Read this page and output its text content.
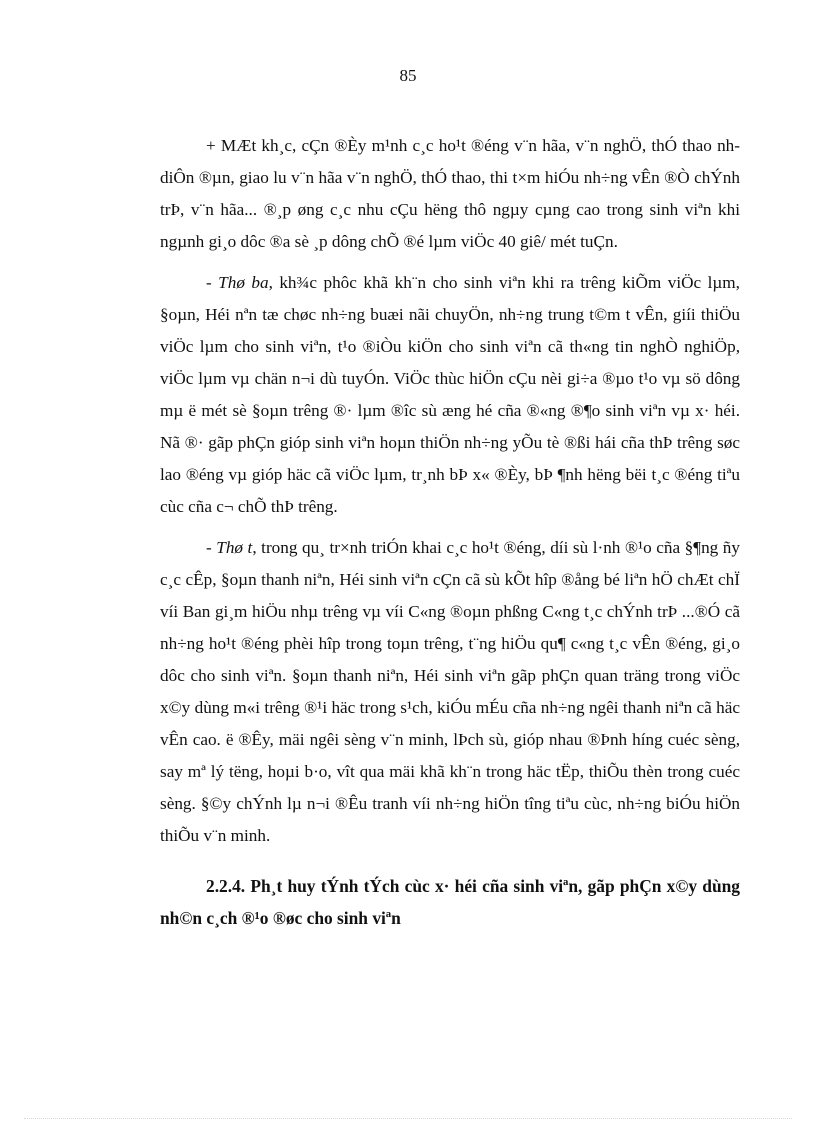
85

+ MÆt kh¸c, cÇn ®Èy m¹nh c¸c ho¹t ®éng v¨n hãa, v¨n nghÖ, thÓ thao nh diÔn ®µn, giao lu v¨n hãa v¨n nghÖ, thÓ thao, thi t×m hiÓu nh÷ng vÊn ®Ò chÝnh trÞ, v¨n hãa... ®¸p øng c¸c nhu cÇu hëng thô ngµy cµng cao trong sinh viªn khi ngµnh gi¸o dôc ®a sè ¸p dông chÕ ®é lµm viÖc 40 giê/ mét tuÇn.

- Thø ba, kh¾c phôc khã kh¨n cho sinh viªn khi ra trêng kiÕm viÖc lµm, §oµn, Héi nªn tæ chøc nh÷ng buæi nãi chuyÖn, nh÷ng trung t©m t vÊn, giíi thiÖu viÖc lµm cho sinh viªn, t¹o ®iÒu kiÖn cho sinh viªn cã th«ng tin nghÒ nghiÖp, viÖc lµm vµ chän n¬i dù tuyÓn. ViÖc thùc hiÖn cÇu nèi gi÷a ®µo t¹o vµ sö dông mµ ë mét sè §oµn trêng ®· lµm ®îc sù æng hé cña ®«ng ®¶o sinh viªn vµ x· héi. Nã ®· gãp phÇn gióp sinh viªn hoµn thiÖn nh÷ng yÕu tè ®ßi hái cña thÞ trêng søc lao ®éng vµ gióp häc cã viÖc lµm, tr¸nh bÞ x« ®Èy, bÞ ¶nh hëng bëi t¸c ®éng tiªu cùc cña c¬ chÕ thÞ trêng.

- Thø t, trong qu¸ tr×nh triÓn khai c¸c ho¹t ®éng, díi sù l·nh ®¹o cña §¶ng ñy c¸c cÊp, §oµn thanh niªn, Héi sinh viªn cÇn cã sù kÕt hîp ®ång bé liªn hÖ chÆt chÏ víi Ban gi¸m hiÖu nhµ trêng vµ víi C«ng ®oµn phßng C«ng t¸c chÝnh trÞ ...®Ó cã nh÷ng ho¹t ®éng phèi hîp trong toµn trêng, t¨ng hiÖu qu¶ c«ng t¸c vÊn ®éng, gi¸o dôc cho sinh viªn. §oµn thanh niªn, Héi sinh viªn gãp phÇn quan träng trong viÖc x©y dùng m«i trêng ®¹i häc trong s¹ch, kiÓu mÉu cña nh÷ng ngêi thanh niªn cã häc vÊn cao. ë ®Êy, mäi ngêi sèng v¨n minh, lÞch sù, gióp nhau ®Þnh híng cuéc sèng, say mª lý tëng, hoµi b·o, vît qua mäi khã kh¨n trong häc tËp, thiÕu thèn trong cuéc sèng. §©y chÝnh lµ n¬i ®Êu tranh víi nh÷ng hiÖn tîng tiªu cùc, nh÷ng biÓu hiÖn thiÕu v¨n minh.

2.2.4. Ph¸t huy tÝnh tÝch cùc x· héi cña sinh viªn, gãp phÇn x©y dùng nh©n c¸ch ®¹o ®øc cho sinh viªn
